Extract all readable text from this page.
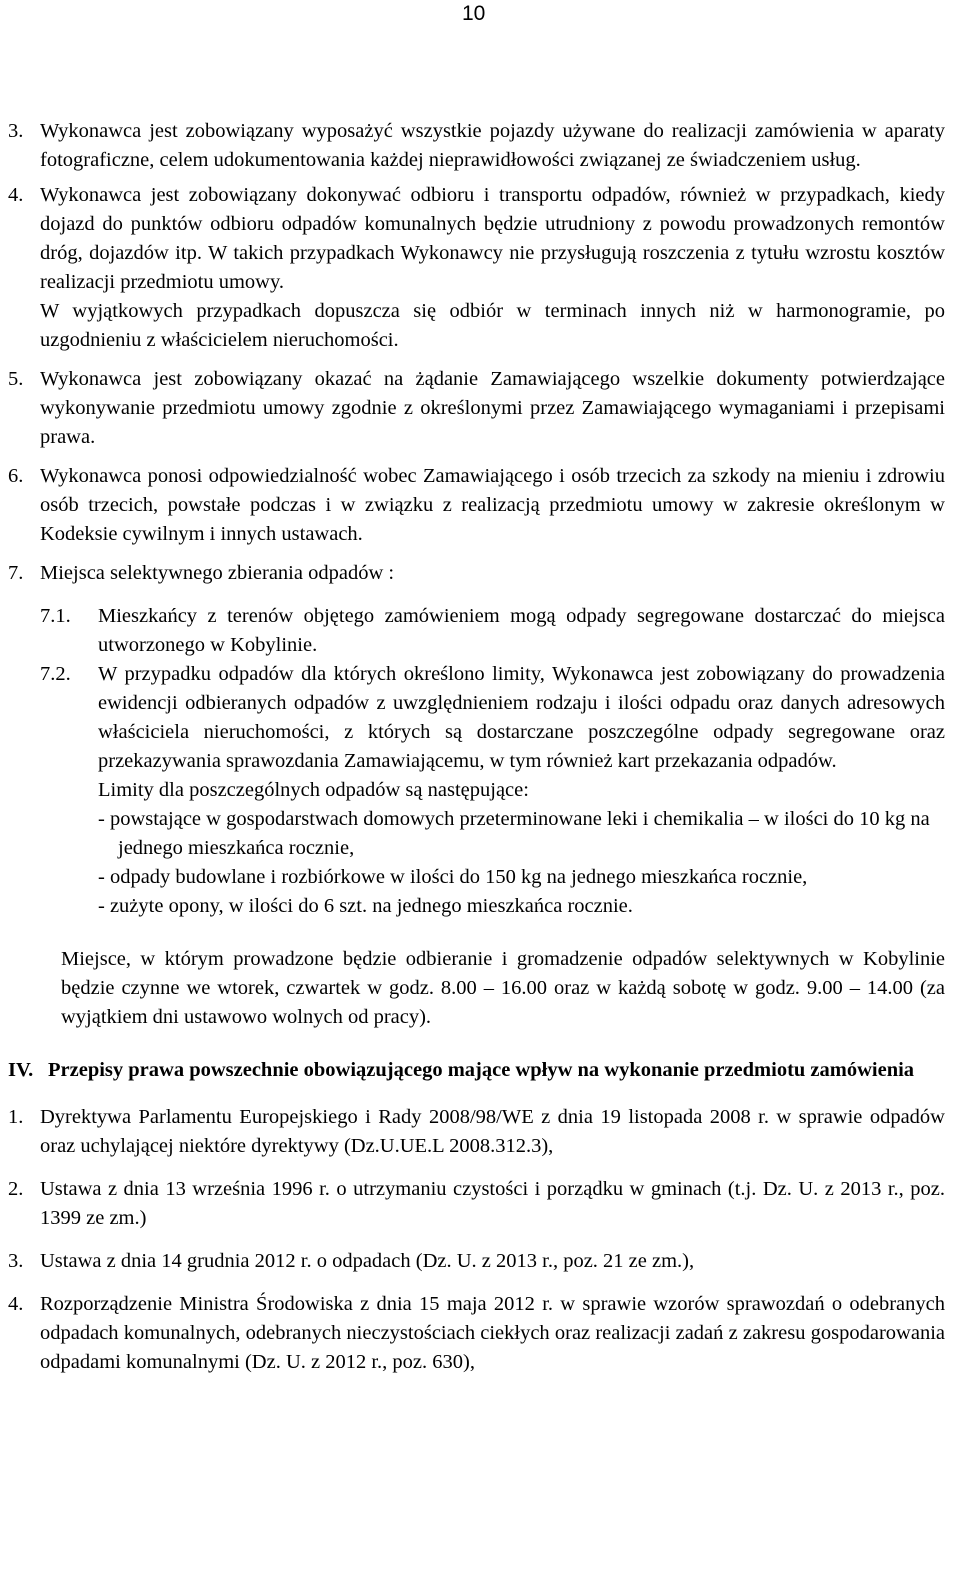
10
3. Wykonawca jest zobowiązany wyposażyć wszystkie pojazdy używane do realizacji zamówienia w aparaty fotograficzne, celem udokumentowania każdej nieprawidłowości związanej ze świadczeniem usług.
4. Wykonawca jest zobowiązany dokonywać odbioru i transportu odpadów, również w przypadkach, kiedy dojazd do punktów odbioru odpadów komunalnych będzie utrudniony z powodu prowadzonych remontów dróg, dojazdów itp. W takich przypadkach Wykonawcy nie przysługują roszczenia z tytułu wzrostu kosztów realizacji przedmiotu umowy.
W wyjątkowych przypadkach dopuszcza się odbiór w terminach innych niż w harmonogramie, po uzgodnieniu z właścicielem nieruchomości.
5. Wykonawca jest zobowiązany okazać na żądanie Zamawiającego wszelkie dokumenty potwierdzające wykonywanie przedmiotu umowy zgodnie z określonymi przez Zamawiającego wymaganiami i przepisami prawa.
6. Wykonawca ponosi odpowiedzialność wobec Zamawiającego i osób trzecich za szkody na mieniu i zdrowiu osób trzecich, powstałe podczas i w związku z realizacją przedmiotu umowy w zakresie określonym w Kodeksie cywilnym i innych ustawach.
7. Miejsca selektywnego zbierania odpadów :
7.1. Mieszkańcy z terenów objętego zamówieniem mogą odpady segregowane dostarczać do miejsca utworzonego w Kobylinie.
7.2. W przypadku odpadów dla których określono limity, Wykonawca jest zobowiązany do prowadzenia ewidencji odbieranych odpadów z uwzględnieniem rodzaju i ilości odpadu oraz danych adresowych właściciela nieruchomości, z których są dostarczane poszczególne odpady segregowane oraz przekazywania sprawozdania Zamawiającemu, w tym również kart przekazania odpadów.
Limity dla poszczególnych odpadów są następujące:
- powstające w gospodarstwach domowych przeterminowane leki i chemikalia – w ilości do 10 kg na jednego mieszkańca rocznie,
- odpady budowlane i rozbiórkowe w ilości do 150 kg na jednego mieszkańca rocznie,
- zużyte opony, w ilości do 6 szt. na jednego mieszkańca rocznie.
Miejsce, w którym prowadzone będzie odbieranie i gromadzenie odpadów selektywnych w Kobylinie będzie czynne we wtorek, czwartek w godz. 8.00 – 16.00 oraz w każdą sobotę w godz. 9.00 – 14.00 (za wyjątkiem dni ustawowo wolnych od pracy).
IV. Przepisy prawa powszechnie obowiązującego mające wpływ na wykonanie przedmiotu zamówienia
1. Dyrektywa Parlamentu Europejskiego i Rady 2008/98/WE z dnia 19 listopada 2008 r. w sprawie odpadów oraz uchylającej niektóre dyrektywy (Dz.U.UE.L 2008.312.3),
2. Ustawa z dnia 13 września 1996 r. o utrzymaniu czystości i porządku w gminach (t.j. Dz. U. z 2013 r., poz. 1399 ze zm.)
3. Ustawa z dnia 14 grudnia 2012 r. o odpadach (Dz. U. z 2013 r., poz. 21 ze zm.),
4. Rozporządzenie Ministra Środowiska z dnia 15 maja 2012 r. w sprawie wzorów sprawozdań o odebranych odpadach komunalnych, odebranych nieczystościach ciekłych oraz realizacji zadań z zakresu gospodarowania odpadami komunalnymi (Dz. U. z 2012 r., poz. 630),
